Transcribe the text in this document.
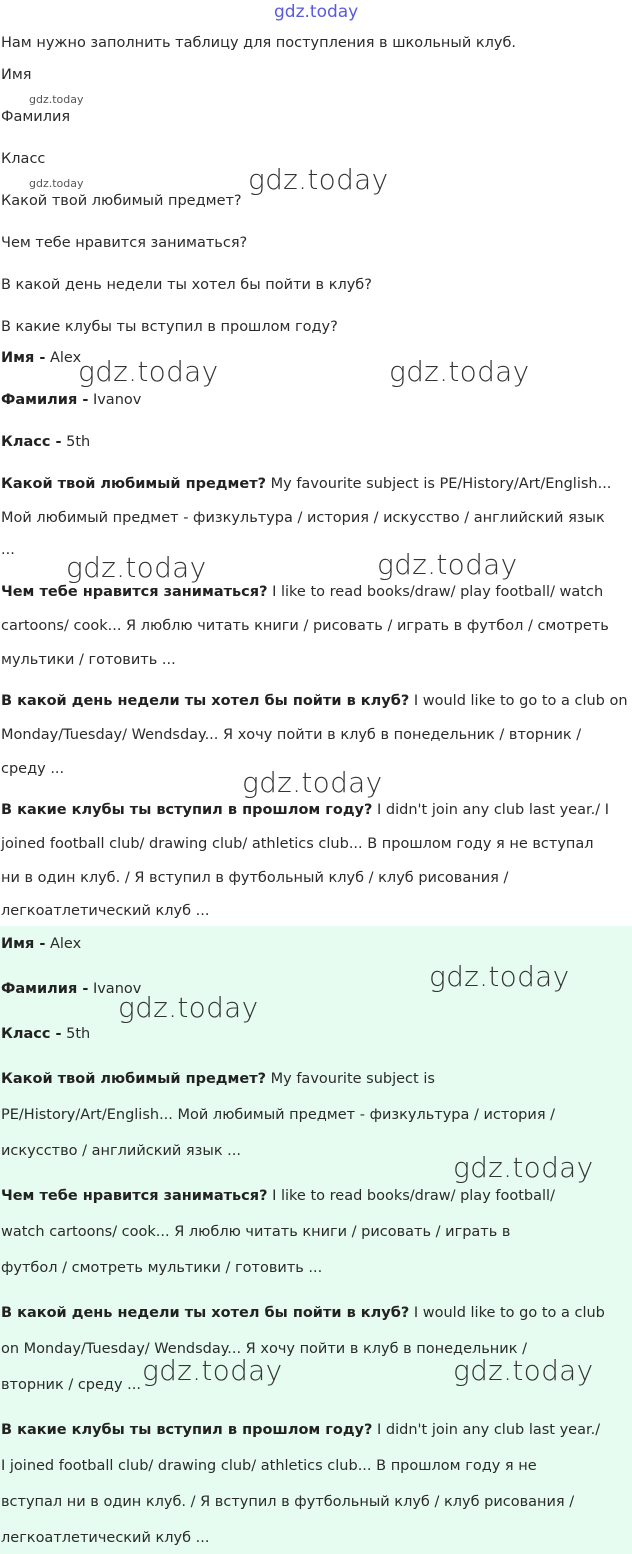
gdz.today
Нам нужно заполнить таблицу для поступления в школьный клуб.
Имя
Фамилия
Класс
Какой твой любимый предмет?
Чем тебе нравится заниматься?
В какой день недели ты хотел бы пойти в клуб?
В какие клубы ты вступил в прошлом году?
Имя - Alex
Фамилия - Ivanov
Класс - 5th
Какой твой любимый предмет? My favourite subject is PE/History/Art/English...
Мой любимый предмет - физкультура / история / искусство / английский язык
...
Чем тебе нравится заниматься? I like to read books/draw/ play football/ watch
cartoons/ cook... Я люблю читать книги / рисовать / играть в футбол / смотреть
мультики / готовить ...
В какой день недели ты хотел бы пойти в клуб? I would like to go to a club on
Monday/Tuesday/ Wendsday... Я хочу пойти в клуб в понедельник / вторник /
среду ...
В какие клубы ты вступил в прошлом году? I didn't join any club last year./ I
joined football club/ drawing club/ athletics club... В прошлом году я не вступал
ни в один клуб. / Я вступил в футбольный клуб / клуб рисования /
легкоатлетический клуб ...
Имя - Alex
Фамилия - Ivanov
Класс - 5th
Какой твой любимый предмет? My favourite subject is
PE/History/Art/English... Мой любимый предмет - физкультура / история /
искусство / английский язык ...
Чем тебе нравится заниматься? I like to read books/draw/ play football/
watch cartoons/ cook... Я люблю читать книги / рисовать / играть в
футбол / смотреть мультики / готовить ...
В какой день недели ты хотел бы пойти в клуб? I would like to go to a club
on Monday/Tuesday/ Wendsday... Я хочу пойти в клуб в понедельник /
вторник / среду ...
В какие клубы ты вступил в прошлом году? I didn't join any club last year./
I joined football club/ drawing club/ athletics club... В прошлом году я не
вступал ни в один клуб. / Я вступил в футбольный клуб / клуб рисования /
легкоатлетический клуб ...
gdz.today
gdz.today	gdz.today
gdz.today	gdz.today
gdz.today	gdz.today
gdz.today
gdz.today
gdz.today
gdz.today
gdz.today	gdz.today
